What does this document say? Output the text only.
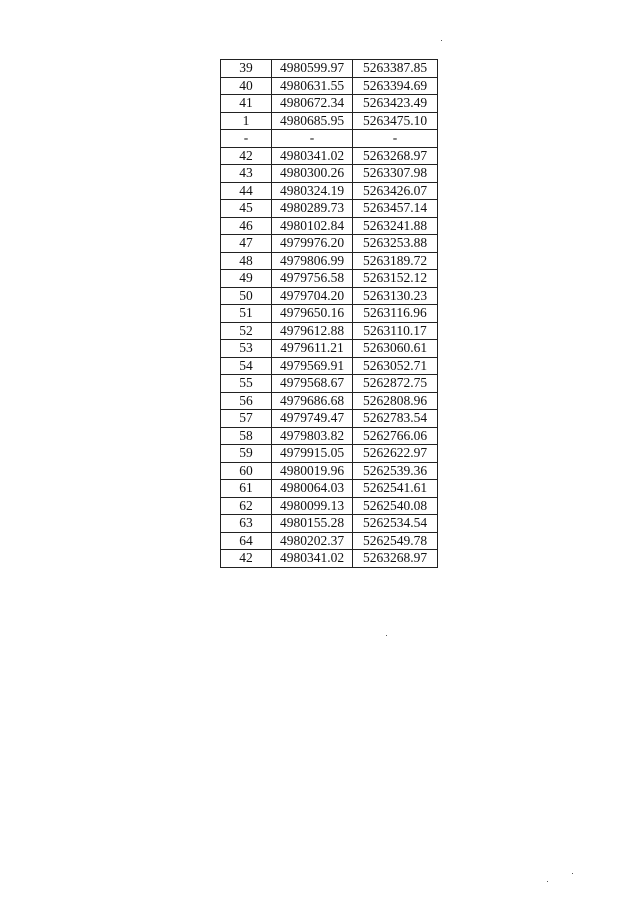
39	4980599.97	5263387.85
40	4980631.55	5263394.69
41	4980672.34	5263423.49
1	4980685.95	5263475.10
-	-	-
42	4980341.02	5263268.97
43	4980300.26	5263307.98
44	4980324.19	5263426.07
45	4980289.73	5263457.14
46	4980102.84	5263241.88
47	4979976.20	5263253.88
48	4979806.99	5263189.72
49	4979756.58	5263152.12
50	4979704.20	5263130.23
51	4979650.16	5263116.96
52	4979612.88	5263110.17
53	4979611.21	5263060.61
54	4979569.91	5263052.71
55	4979568.67	5262872.75
56	4979686.68	5262808.96
57	4979749.47	5262783.54
58	4979803.82	5262766.06
59	4979915.05	5262622.97
60	4980019.96	5262539.36
61	4980064.03	5262541.61
62	4980099.13	5262540.08
63	4980155.28	5262534.54
64	4980202.37	5262549.78
42	4980341.02	5263268.97
